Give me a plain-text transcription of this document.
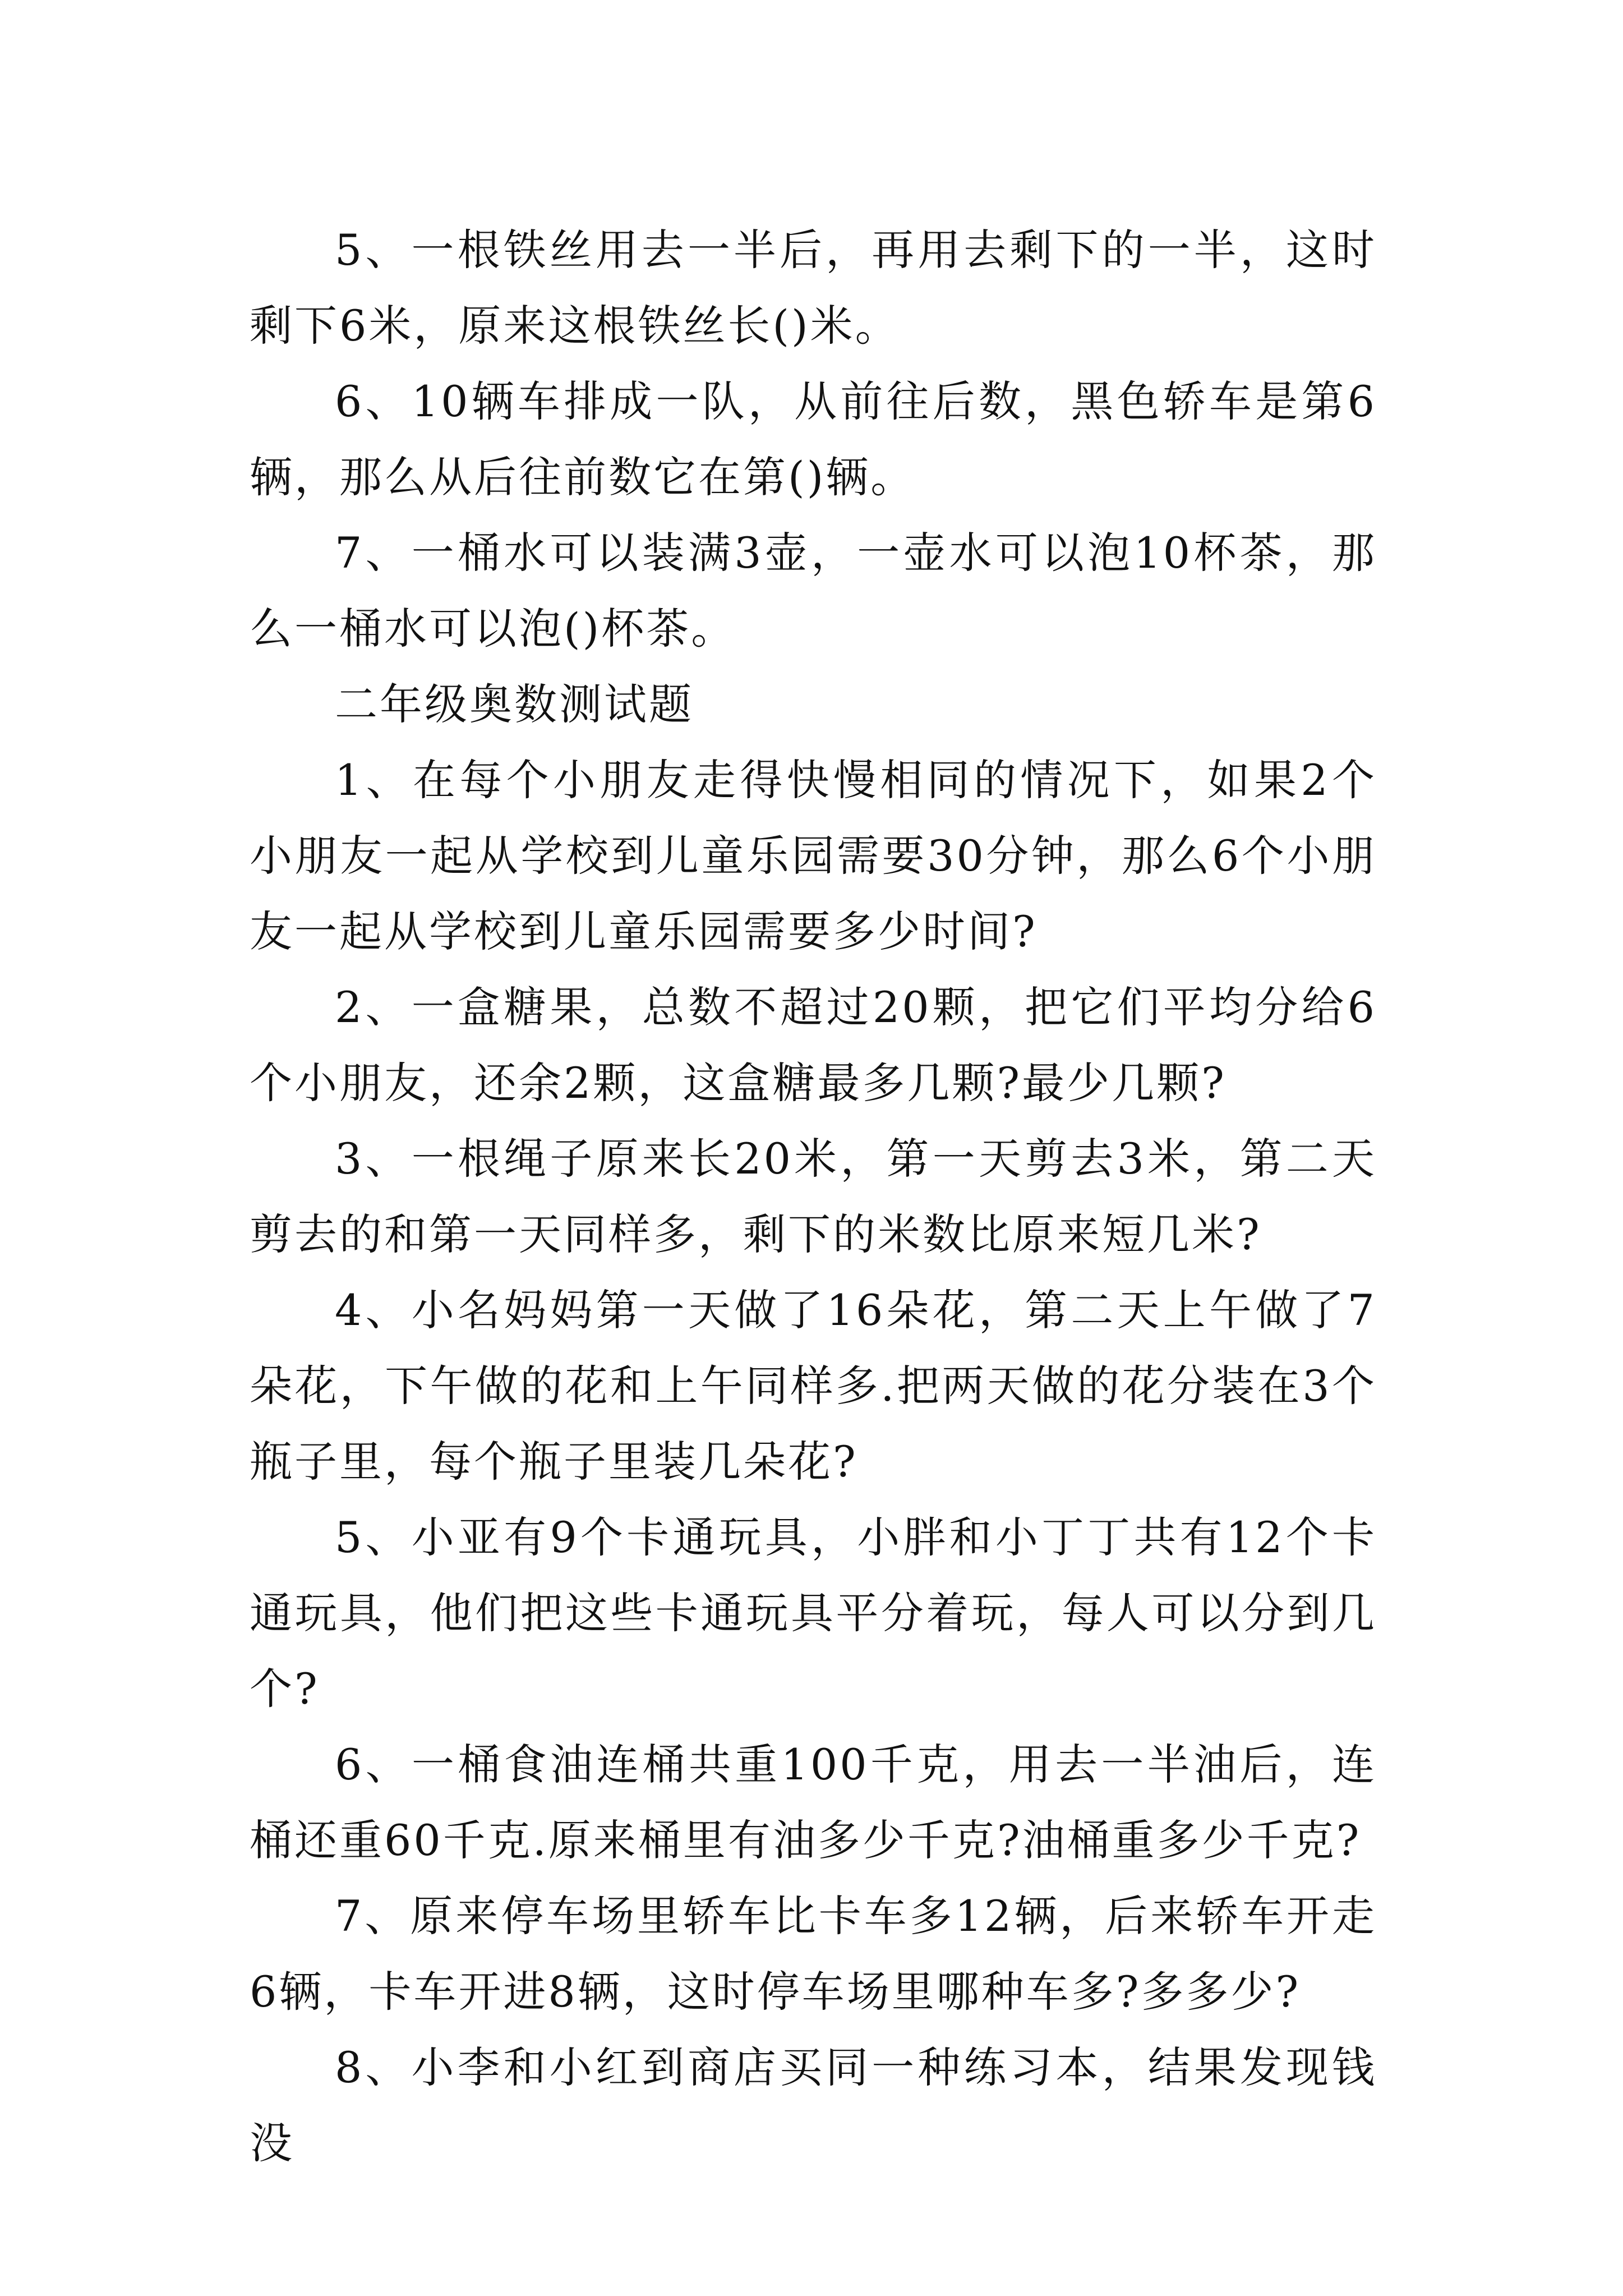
5、一根铁丝用去一半后，再用去剩下的一半，这时剩下6米，原来这根铁丝长()米。

6、10辆车排成一队，从前往后数，黑色轿车是第6辆，那么从后往前数它在第()辆。

7、一桶水可以装满3壶，一壶水可以泡10杯茶，那么一桶水可以泡()杯茶。

二年级奥数测试题

1、在每个小朋友走得快慢相同的情况下，如果2个小朋友一起从学校到儿童乐园需要30分钟，那么6个小朋友一起从学校到儿童乐园需要多少时间?

2、一盒糖果，总数不超过20颗，把它们平均分给6个小朋友，还余2颗，这盒糖最多几颗?最少几颗?

3、一根绳子原来长20米，第一天剪去3米，第二天剪去的和第一天同样多，剩下的米数比原来短几米?

4、小名妈妈第一天做了16朵花，第二天上午做了7朵花，下午做的花和上午同样多.把两天做的花分装在3个瓶子里，每个瓶子里装几朵花?

5、小亚有9个卡通玩具，小胖和小丁丁共有12个卡通玩具，他们把这些卡通玩具平分着玩，每人可以分到几个?

6、一桶食油连桶共重100千克，用去一半油后，连桶还重60千克.原来桶里有油多少千克?油桶重多少千克?

7、原来停车场里轿车比卡车多12辆，后来轿车开走6辆，卡车开进8辆，这时停车场里哪种车多?多多少?

8、小李和小红到商店买同一种练习本，结果发现钱没
